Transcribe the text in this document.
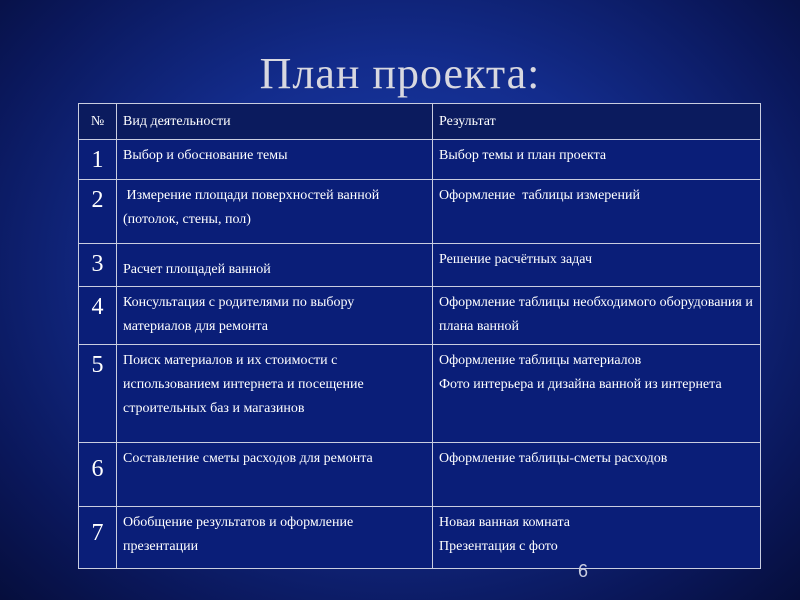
План проекта:
№	Вид деятельности	Результат
1	Выбор и обоснование темы	Выбор темы и план проекта

2	Измерение площади поверхностей ванной (потолок, стены, пол)	Оформление  таблицы измерений

3	Расчет площадей ванной	Решение расчётных задач

4	Консультация с родителями по выбору материалов для ремонта	Оформление таблицы необходимого оборудования и плана ванной

5	Поиск материалов и их стоимости с использованием интернета и посещение строительных баз и магазинов	Оформление таблицы материалов
Фото интерьера и дизайна ванной из интернета

6	Составление сметы расходов для ремонта	Оформление таблицы-сметы расходов

7	Обобщение результатов и оформление презентации	Новая ванная комната
Презентация с фото
6
